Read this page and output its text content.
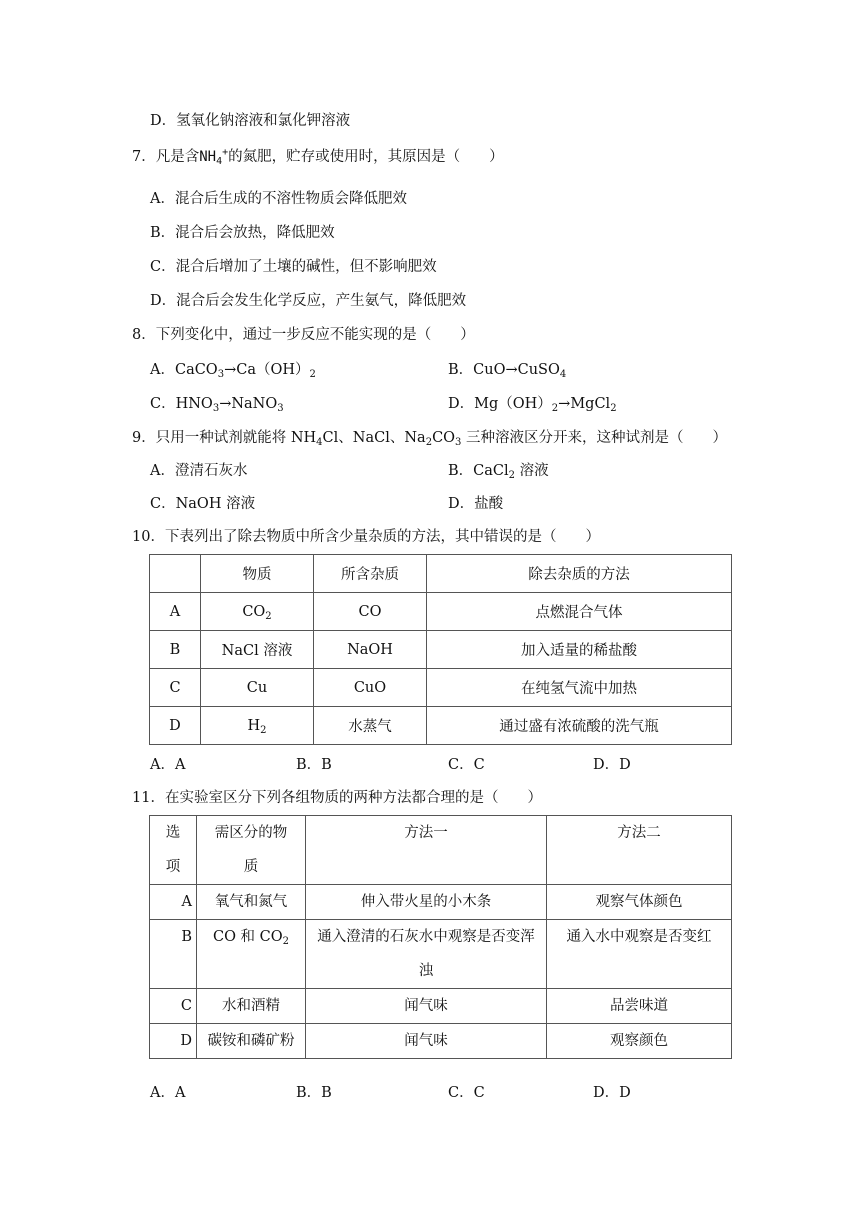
D．氢氧化钠溶液和氯化钾溶液
7．凡是含$NH_4^+$的氮肥，贮存或使用时，其原因是（　　）
A．混合后生成的不溶性物质会降低肥效
B．混合后会放热，降低肥效
C．混合后增加了土壤的碱性，但不影响肥效
D．混合后会发生化学反应，产生氨气，降低肥效
8．下列变化中，通过一步反应不能实现的是（　　）
A．$CaCO_3\to Ca(OH)_2$	B．CuO→CuSO$_4$
C．$HNO_3\to NaNO_3$	D．$Mg(OH)_2\to MgCl_2$
9．只用一种试剂就能将 $NH_4Cl$、NaCl、$Na_2CO_3$ 三种溶液区分开来，这种试剂是（　　）
A．澄清石灰水	B．CaCl$_2$ 溶液
C．NaOH 溶液	D．盐酸
10．下表列出了除去物质中所含少量杂质的方法，其中错误的是（　　）
	物质	所含杂质	除去杂质的方法
A	$CO_2$	CO	点燃混合气体
B	NaCl 溶液	NaOH	加入适量的稀盐酸
C	Cu	CuO	在纯氢气流中加热
D	$H_2$	水蒸气	通过盛有浓硫酸的洗气瓶
A．A	B．B	C．C	D．D
11．在实验室区分下列各组物质的两种方法都合理的是（　　）
选
项	需区分的物
质	方法一	方法二
A	氧气和氮气	伸入带火星的小木条	观察气体颜色
B	CO 和 $CO_2$	通入澄清的石灰水中观察是否变浑
浊	通入水中观察是否变红
C	水和酒精	闻气味	品尝味道
D	碳铵和磷矿粉	闻气味	观察颜色
A．A	B．B	C．C	D．D
